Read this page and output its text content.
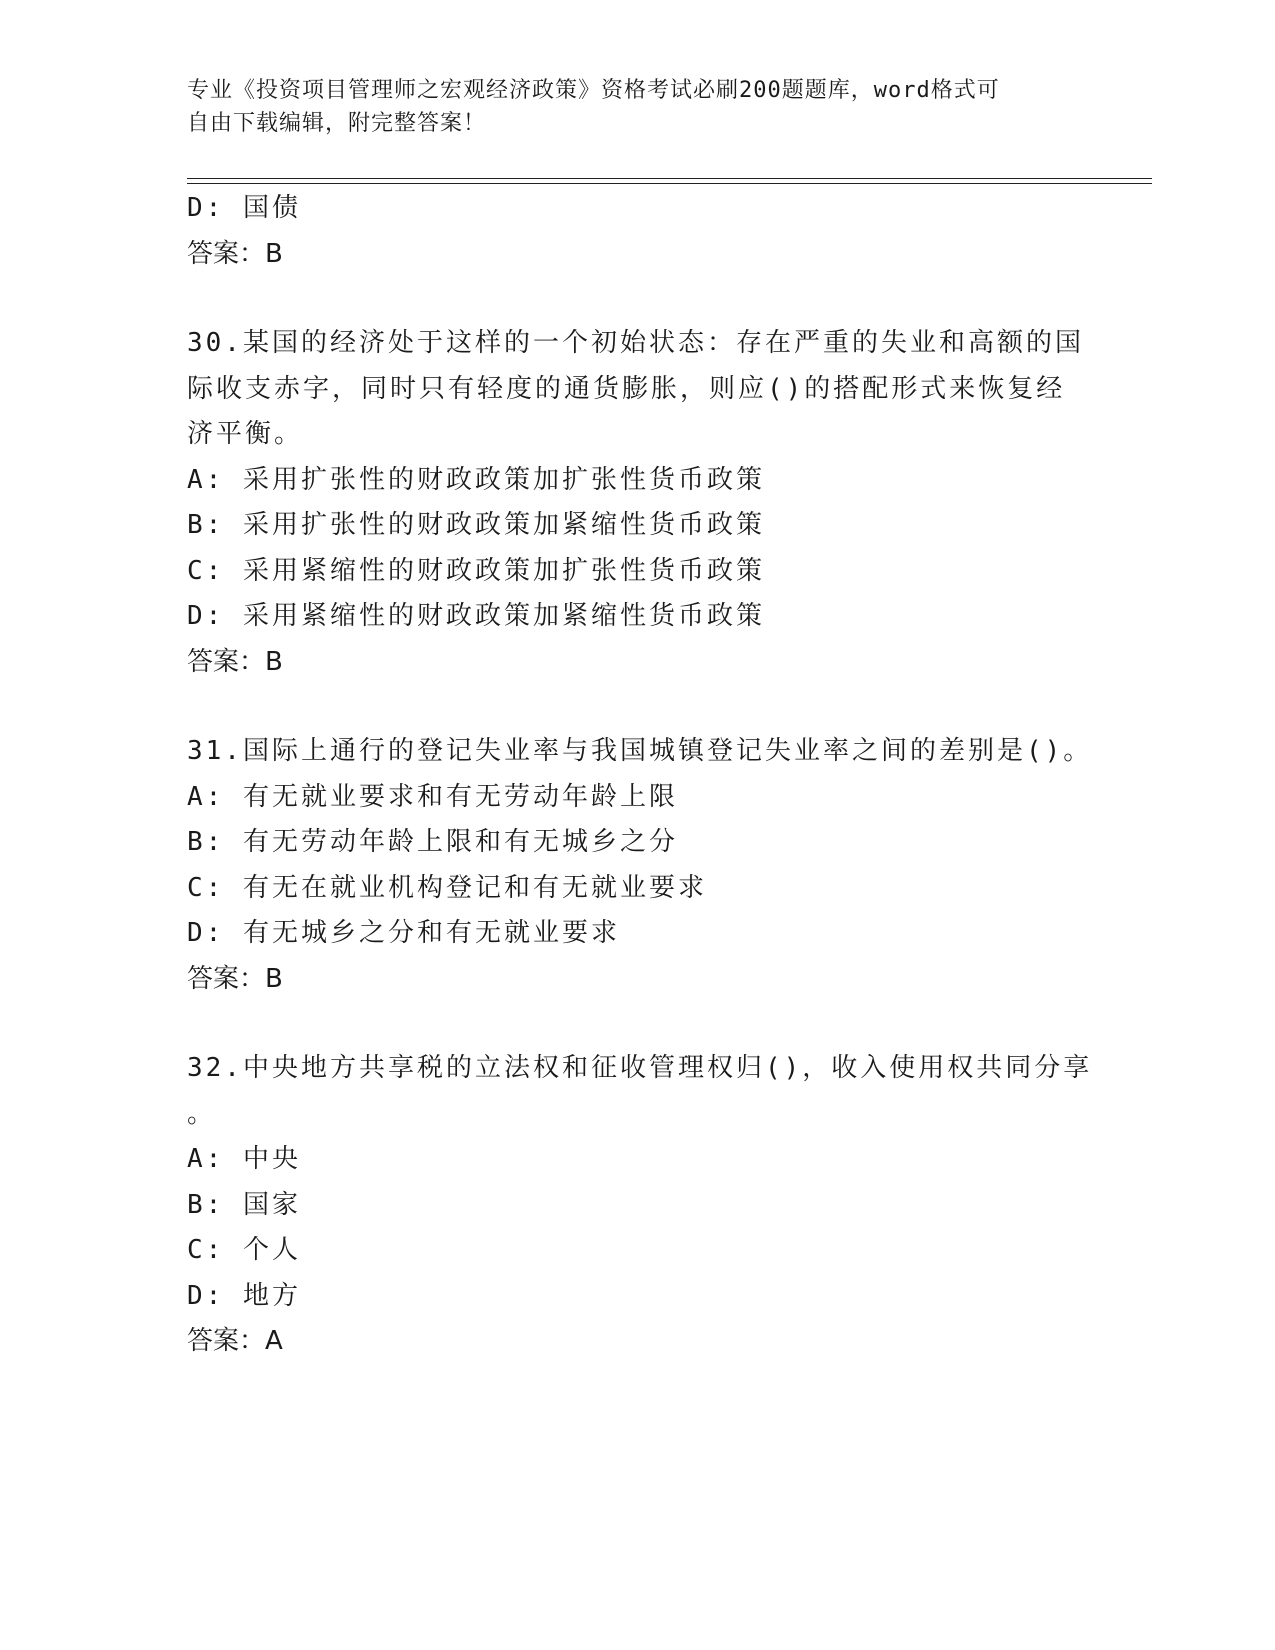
专业《投资项目管理师之宏观经济政策》资格考试必刷200题题库，word格式可
自由下载编辑，附完整答案！
D: 国债
答案：B
30.某国的经济处于这样的一个初始状态：存在严重的失业和高额的国
际收支赤字，同时只有轻度的通货膨胀，则应()的搭配形式来恢复经
济平衡。
A: 采用扩张性的财政政策加扩张性货币政策
B: 采用扩张性的财政政策加紧缩性货币政策
C: 采用紧缩性的财政政策加扩张性货币政策
D: 采用紧缩性的财政政策加紧缩性货币政策
答案：B
31.国际上通行的登记失业率与我国城镇登记失业率之间的差别是()。
A: 有无就业要求和有无劳动年龄上限
B: 有无劳动年龄上限和有无城乡之分
C: 有无在就业机构登记和有无就业要求
D: 有无城乡之分和有无就业要求
答案：B
32.中央地方共享税的立法权和征收管理权归()，收入使用权共同分享
。
A: 中央
B: 国家
C: 个人
D: 地方
答案：A
